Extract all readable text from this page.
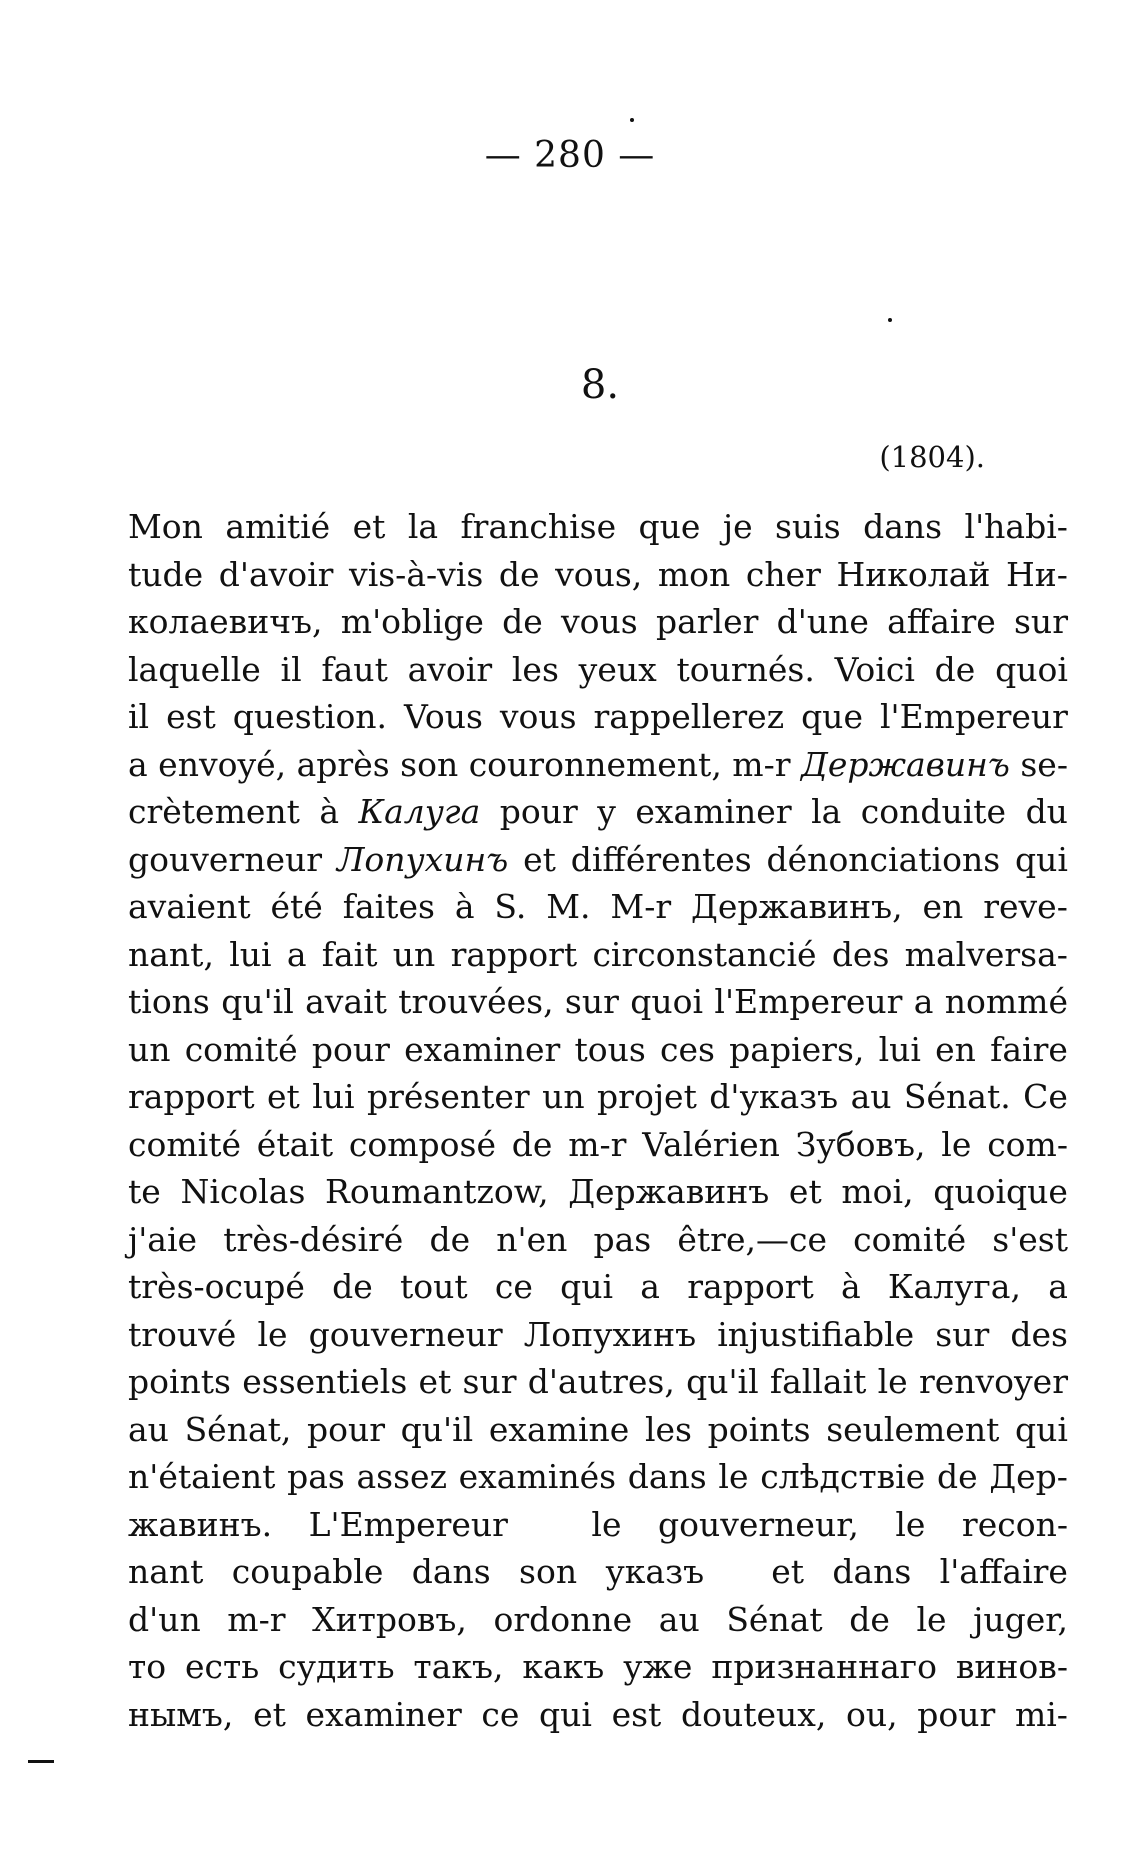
— 280 —
8.
(1804).
Mon amitié et la franchise que je suis dans l'habi-
tude d'avoir vis-à-vis de vous, mon cher Николай Ни-
колаевичъ, m'oblige de vous parler d'une affaire sur
laquelle il faut avoir les yeux tournés. Voici de quoi
il est question. Vous vous rappellerez que l'Empereur
a envoyé, après son couronnement, m-r Державинъ se-
crètement à Калуга pour y examiner la conduite du
gouverneur Лопухинъ et différentes dénonciations qui
avaient été faites à S. M. M-r Державинъ, en reve-
nant, lui a fait un rapport circonstancié des malversa-
tions qu'il avait trouvées, sur quoi l'Empereur a nommé
un comité pour examiner tous ces papiers, lui en faire
rapport et lui présenter un projet d'указъ au Sénat. Ce
comité était composé de m-r Valérien Зубовъ, le com-
te Nicolas Roumantzow, Державинъ et moi, quoique
j'aie très-désiré de n'en pas être,—ce comité s'est
très-ocupé de tout ce qui a rapport à Калуга, a
trouvé le gouverneur Лопухинъ injustifiable sur des
points essentiels et sur d'autres, qu'il fallait le renvoyer
au Sénat, pour qu'il examine les points seulement qui
n'étaient pas assez examinés dans le слѣдствіе de Дер-
жавинъ. L'Empereur
	le gouverneur, le recon-
nant coupable dans son указъ
et dans l'affaire
d'un m-r Хитровъ, ordonne au Sénat de le juger,
то есть судить такъ, какъ уже признаннаго винов-
нымъ, et examiner ce qui est douteux, ou, pour mi-
